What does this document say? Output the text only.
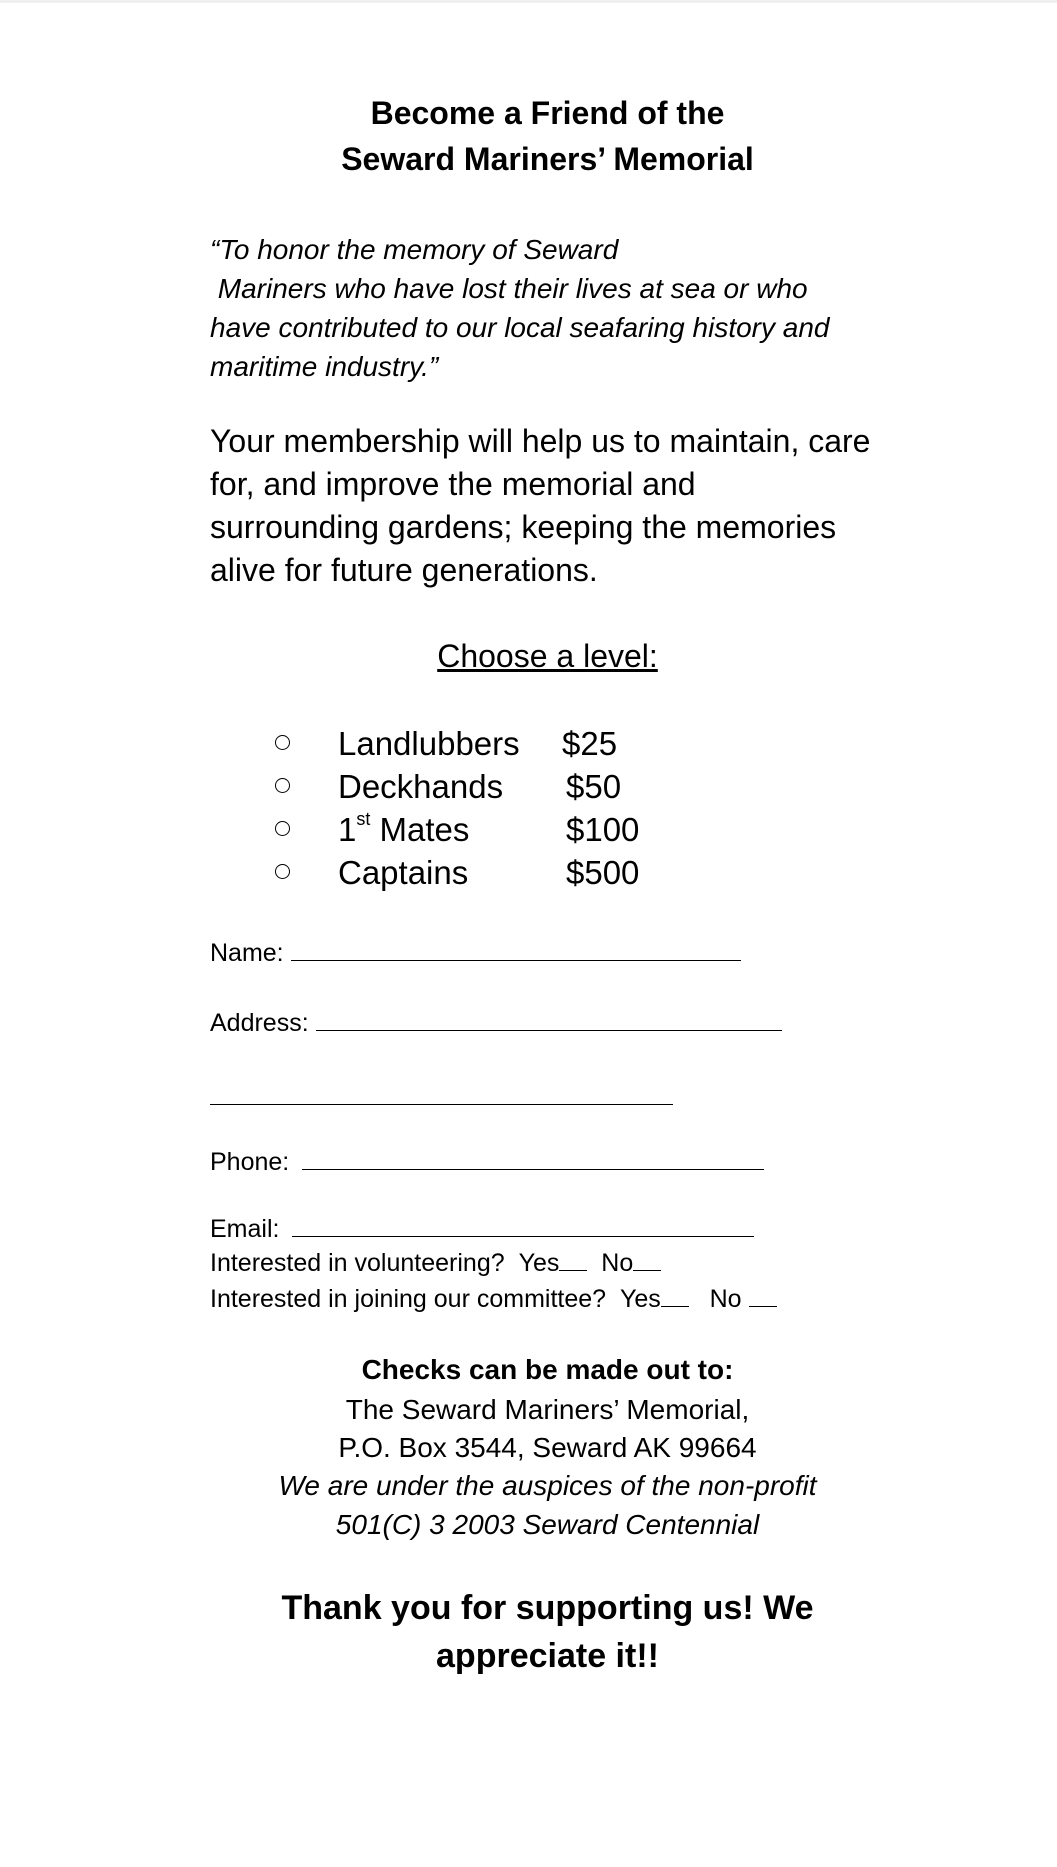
Become a Friend of the
Seward Mariners’ Memorial
“To honor the memory of Seward
Mariners who have lost their lives at sea or who
have contributed to our local seafaring history and
maritime industry.”
Your membership will help us to maintain, care
for, and improve the memorial and
surrounding gardens; keeping the memories
alive for future generations.
Choose a level:
Landlubbers $25
Deckhands $50
1st Mates	$100
Captains	$500
Name:
Address:
Phone:
Email:
Interested in volunteering? Yes No
Interested in joining our committee? Yes No
Checks can be made out to:
The Seward Mariners’ Memorial,
P.O. Box 3544, Seward AK 99664
We are under the auspices of the non-profit
501(C) 3 2003 Seward Centennial
Thank you for supporting us! We
appreciate it!!
